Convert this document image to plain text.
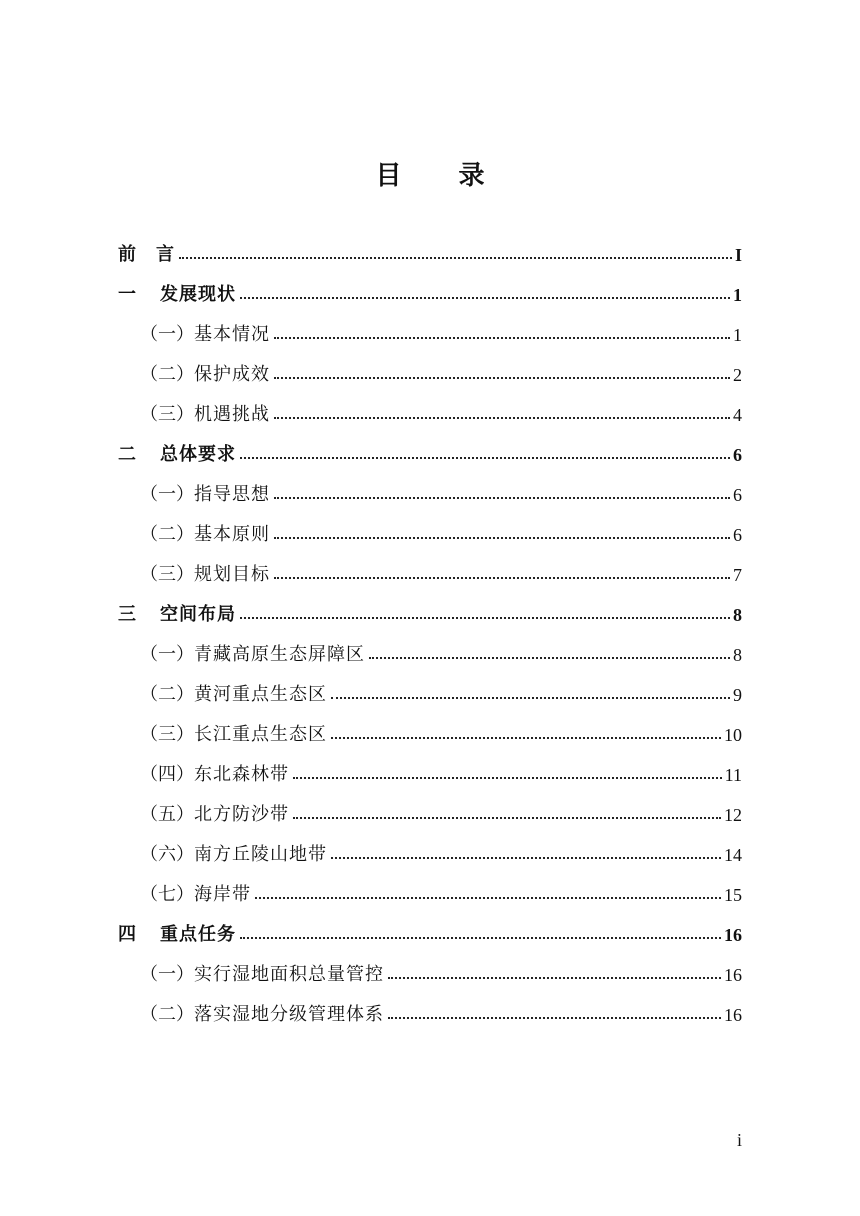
目 录
前　言	I
一	发展现状	1
（一） 基本情况	1
（二） 保护成效	2
（三） 机遇挑战	4
二	总体要求	6
（一） 指导思想	6
（二） 基本原则	6
（三） 规划目标	7
三	空间布局	8
（一） 青藏高原生态屏障区	8
（二） 黄河重点生态区	9
（三） 长江重点生态区	10
（四） 东北森林带	11
（五） 北方防沙带	12
（六） 南方丘陵山地带	14
（七） 海岸带	15
四	重点任务	16
（一） 实行湿地面积总量管控	16
（二） 落实湿地分级管理体系	16
i
